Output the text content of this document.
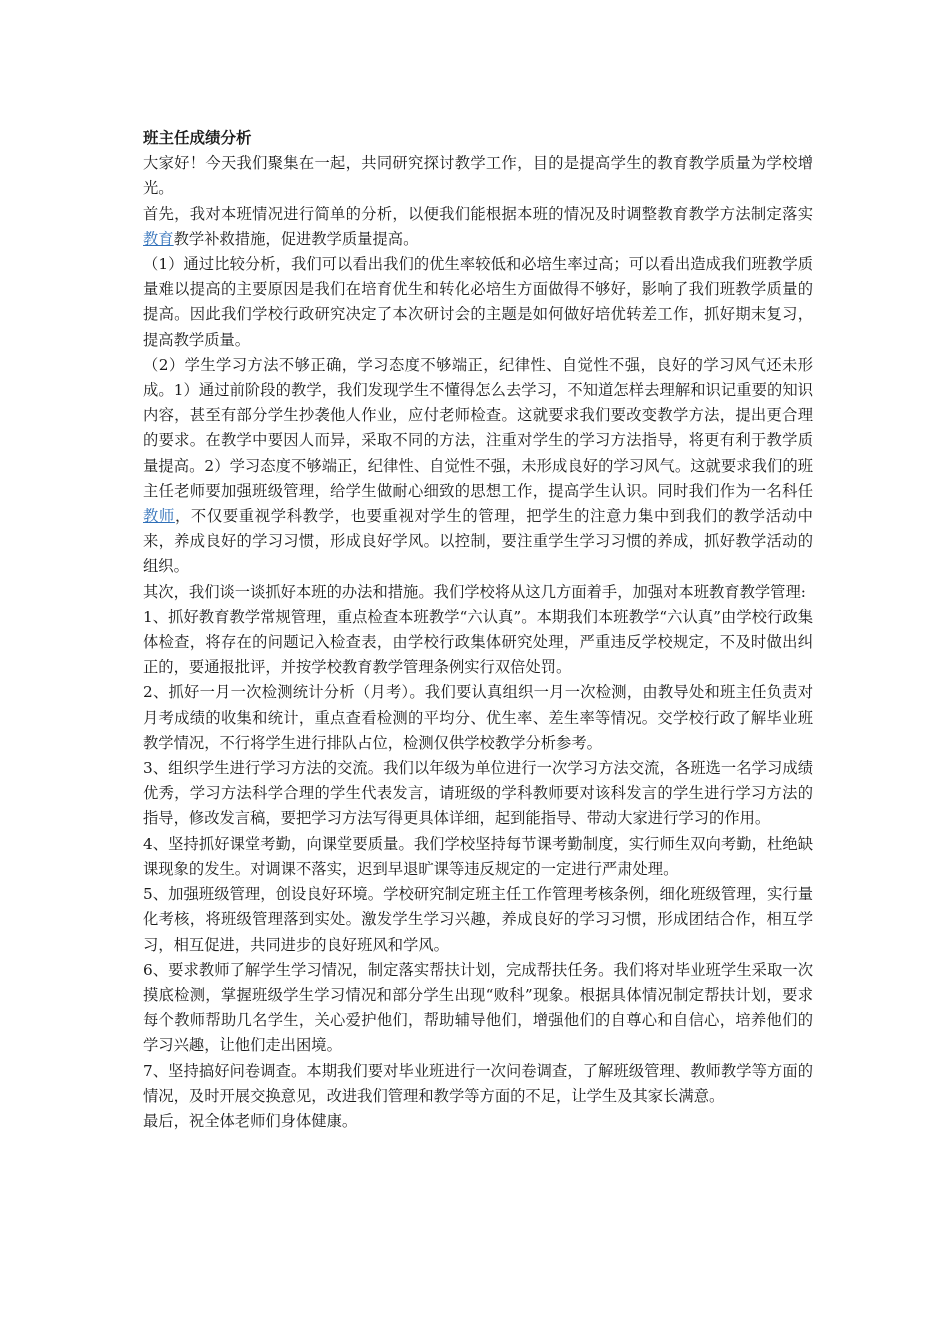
班主任成绩分析

大家好！今天我们聚集在一起，共同研究探讨教学工作，目的是提高学生的教育教学质量为学校增光。

首先，我对本班情况进行简单的分析，以便我们能根据本班的情况及时调整教育教学方法制定落实教育教学补救措施，促进教学质量提高。

（1）通过比较分析，我们可以看出我们的优生率较低和必培生率过高；可以看出造成我们班教学质量难以提高的主要原因是我们在培育优生和转化必培生方面做得不够好，影响了我们班教学质量的提高。因此我们学校行政研究决定了本次研讨会的主题是如何做好培优转差工作，抓好期末复习，提高教学质量。

（2）学生学习方法不够正确，学习态度不够端正，纪律性、自觉性不强，良好的学习风气还未形成。1）通过前阶段的教学，我们发现学生不懂得怎么去学习，不知道怎样去理解和识记重要的知识内容，甚至有部分学生抄袭他人作业，应付老师检查。这就要求我们要改变教学方法，提出更合理的要求。在教学中要因人而异，采取不同的方法，注重对学生的学习方法指导，将更有利于教学质量提高。2）学习态度不够端正，纪律性、自觉性不强，未形成良好的学习风气。这就要求我们的班主任老师要加强班级管理，给学生做耐心细致的思想工作，提高学生认识。同时我们作为一名科任教师，不仅要重视学科教学，也要重视对学生的管理，把学生的注意力集中到我们的教学活动中来，养成良好的学习习惯，形成良好学风。以控制，要注重学生学习习惯的养成，抓好教学活动的组织。

其次，我们谈一谈抓好本班的办法和措施。我们学校将从这几方面着手，加强对本班教育教学管理:

1、抓好教育教学常规管理，重点检查本班教学“六认真”。本期我们本班教学“六认真”由学校行政集体检查，将存在的问题记入检查表，由学校行政集体研究处理，严重违反学校规定，不及时做出纠正的，要通报批评，并按学校教育教学管理条例实行双倍处罚。

2、抓好一月一次检测统计分析（月考）。我们要认真组织一月一次检测，由教导处和班主任负责对月考成绩的收集和统计，重点查看检测的平均分、优生率、差生率等情况。交学校行政了解毕业班教学情况，不行将学生进行排队占位，检测仅供学校教学分析参考。

3、组织学生进行学习方法的交流。我们以年级为单位进行一次学习方法交流，各班选一名学习成绩优秀，学习方法科学合理的学生代表发言，请班级的学科教师要对该科发言的学生进行学习方法的指导，修改发言稿，要把学习方法写得更具体详细，起到能指导、带动大家进行学习的作用。

4、坚持抓好课堂考勤，向课堂要质量。我们学校坚持每节课考勤制度，实行师生双向考勤，杜绝缺课现象的发生。对调课不落实，迟到早退旷课等违反规定的一定进行严肃处理。

5、加强班级管理，创设良好环境。学校研究制定班主任工作管理考核条例，细化班级管理，实行量化考核，将班级管理落到实处。激发学生学习兴趣，养成良好的学习习惯，形成团结合作，相互学习，相互促进，共同进步的良好班风和学风。

6、要求教师了解学生学习情况，制定落实帮扶计划，完成帮扶任务。我们将对毕业班学生采取一次摸底检测，掌握班级学生学习情况和部分学生出现“败科”现象。根据具体情况制定帮扶计划，要求每个教师帮助几名学生，关心爱护他们，帮助辅导他们，增强他们的自尊心和自信心，培养他们的学习兴趣，让他们走出困境。

7、坚持搞好问卷调查。本期我们要对毕业班进行一次问卷调查，了解班级管理、教师教学等方面的情况，及时开展交换意见，改进我们管理和教学等方面的不足，让学生及其家长满意。

最后，祝全体老师们身体健康。
